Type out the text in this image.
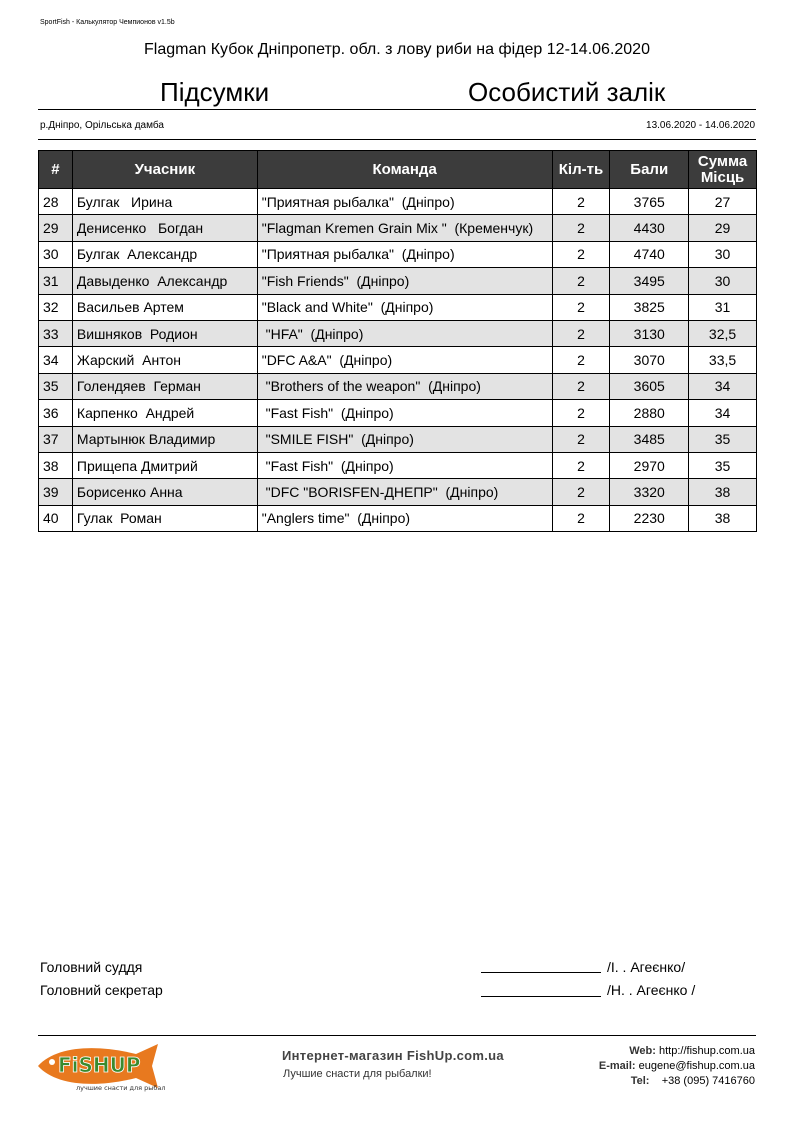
SportFish - Калькулятор Чемпионов v1.5b
Flagman Кубок Дніпропетр. обл. з лову риби на фідер 12-14.06.2020
Підсумки	Особистий залік
р.Дніпро, Орільська дамба	13.06.2020 - 14.06.2020
#	Учасник	Команда	Кіл-ть	Бали	Сумма
Місць
28	Булгак   Ирина	"Приятная рыбалка"  (Дніпро)	2	3765	27
29	Денисенко   Богдан	"Flagman Kremen Grain Mix "  (Кременчук)	2	4430	29
30	Булгак  Александр	"Приятная рыбалка"  (Дніпро)	2	4740	30
31	Давыденко  Александр	"Fish Friends"  (Дніпро)	2	3495	30
32	Васильев Артем	"Black and White"  (Дніпро)	2	3825	31
33	Вишняков  Родион	"HFA"  (Дніпро)	2	3130	32,5
34	Жарский  Антон	"DFC A&A"  (Дніпро)	2	3070	33,5
35	Голендяев  Герман	"Brothers of the weapon"  (Дніпро)	2	3605	34
36	Карпенко  Андрей	"Fast Fish"  (Дніпро)	2	2880	34
37	Мартынюк Владимир	"SMILE FISH"  (Дніпро)	2	3485	35
38	Прищепа Дмитрий	"Fast Fish"  (Дніпро)	2	2970	35
39	Борисенко Анна	"DFC "BORISFEN-ДНЕПР"  (Дніпро)	2	3320	38
40	Гулак  Роман	"Anglers time"  (Дніпро)	2	2230	38
Головний суддя	/І. . Агеєнко/
Головний секретар	/Н. . Агеєнко /
FiSHUP
лучшие снасти для рыбалки
Интернет-магазин FishUp.com.ua
Лучшие снасти для рыбалки!
Web: http://fishup.com.ua
E-mail: eugene@fishup.com.ua
Tel: +38 (095) 7416760
